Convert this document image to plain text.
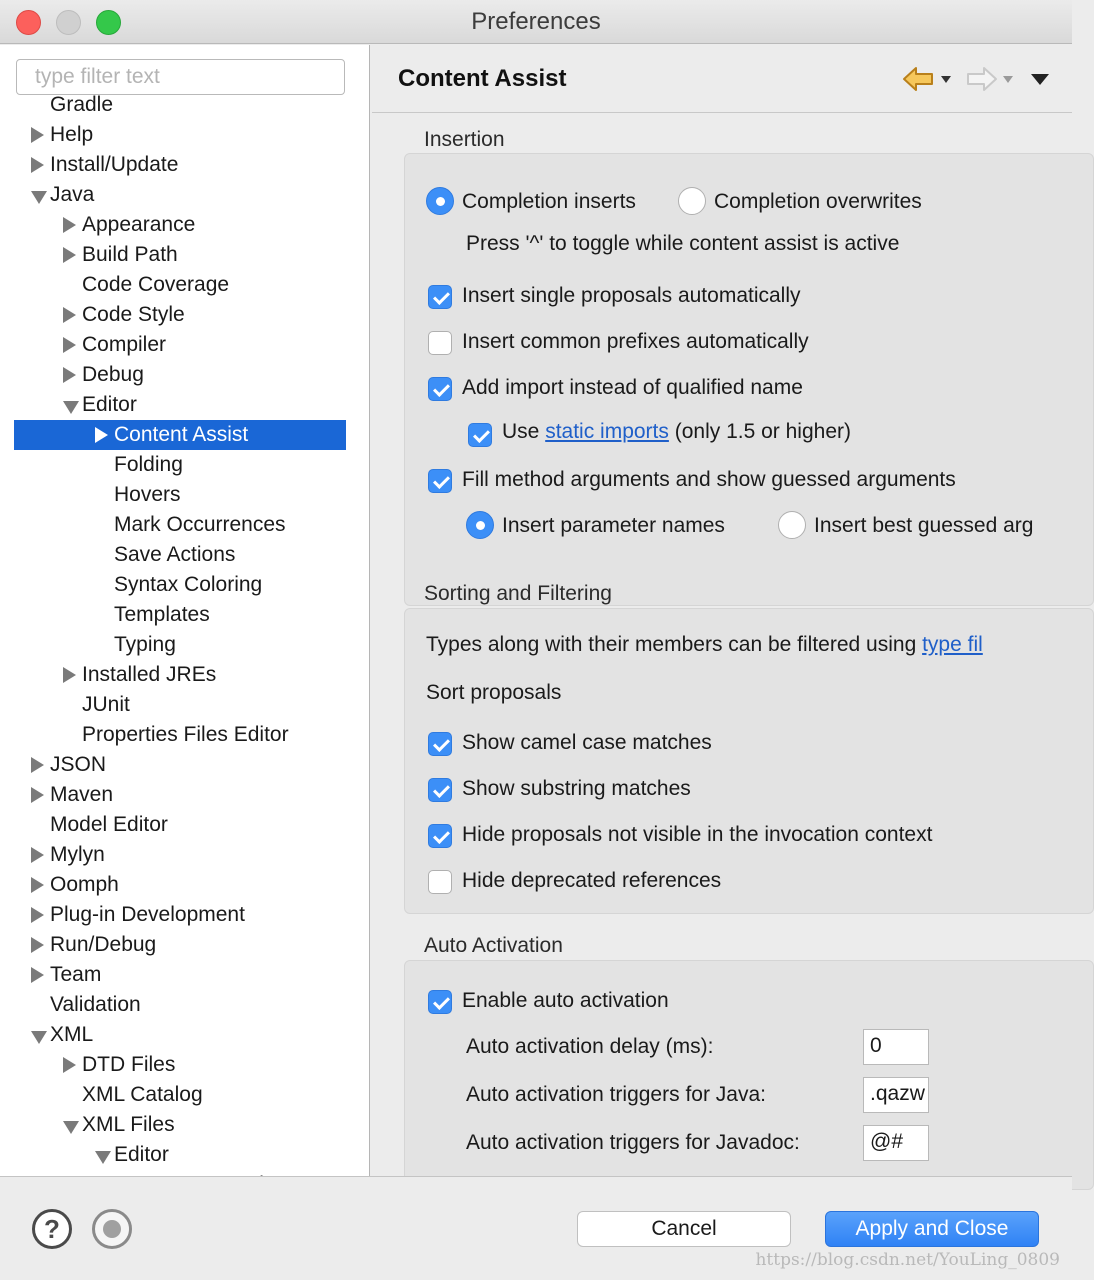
Preferences
type filter text
Gradle
Help
Install/Update
Java
Appearance
Build Path
Code Coverage
Code Style
Compiler
Debug
Editor
Content Assist
Folding
Hovers
Mark Occurrences
Save Actions
Syntax Coloring
Templates
Typing
Installed JREs
JUnit
Properties Files Editor
JSON
Maven
Model Editor
Mylyn
Oomph
Plug-in Development
Run/Debug
Team
Validation
XML
DTD Files
XML Catalog
XML Files
Editor
Content Assist
Insertion
Completion inserts	Completion overwrites
Press '^' to toggle while content assist is active
Insert single proposals automatically
Insert common prefixes automatically
Add import instead of qualified name
Use static imports (only 1.5 or higher)
Fill method arguments and show guessed arguments
Insert parameter names	Insert best guessed arg
Sorting and Filtering
Types along with their members can be filtered using type fil
Sort proposals
Show camel case matches
Show substring matches
Hide proposals not visible in the invocation context
Hide deprecated references
Auto Activation
Enable auto activation
Auto activation delay (ms):	0
Auto activation triggers for Java:	.qazw
Auto activation triggers for Javadoc:	@#
?	Cancel	Apply and Close
https://blog.csdn.net/YouLing_0809
